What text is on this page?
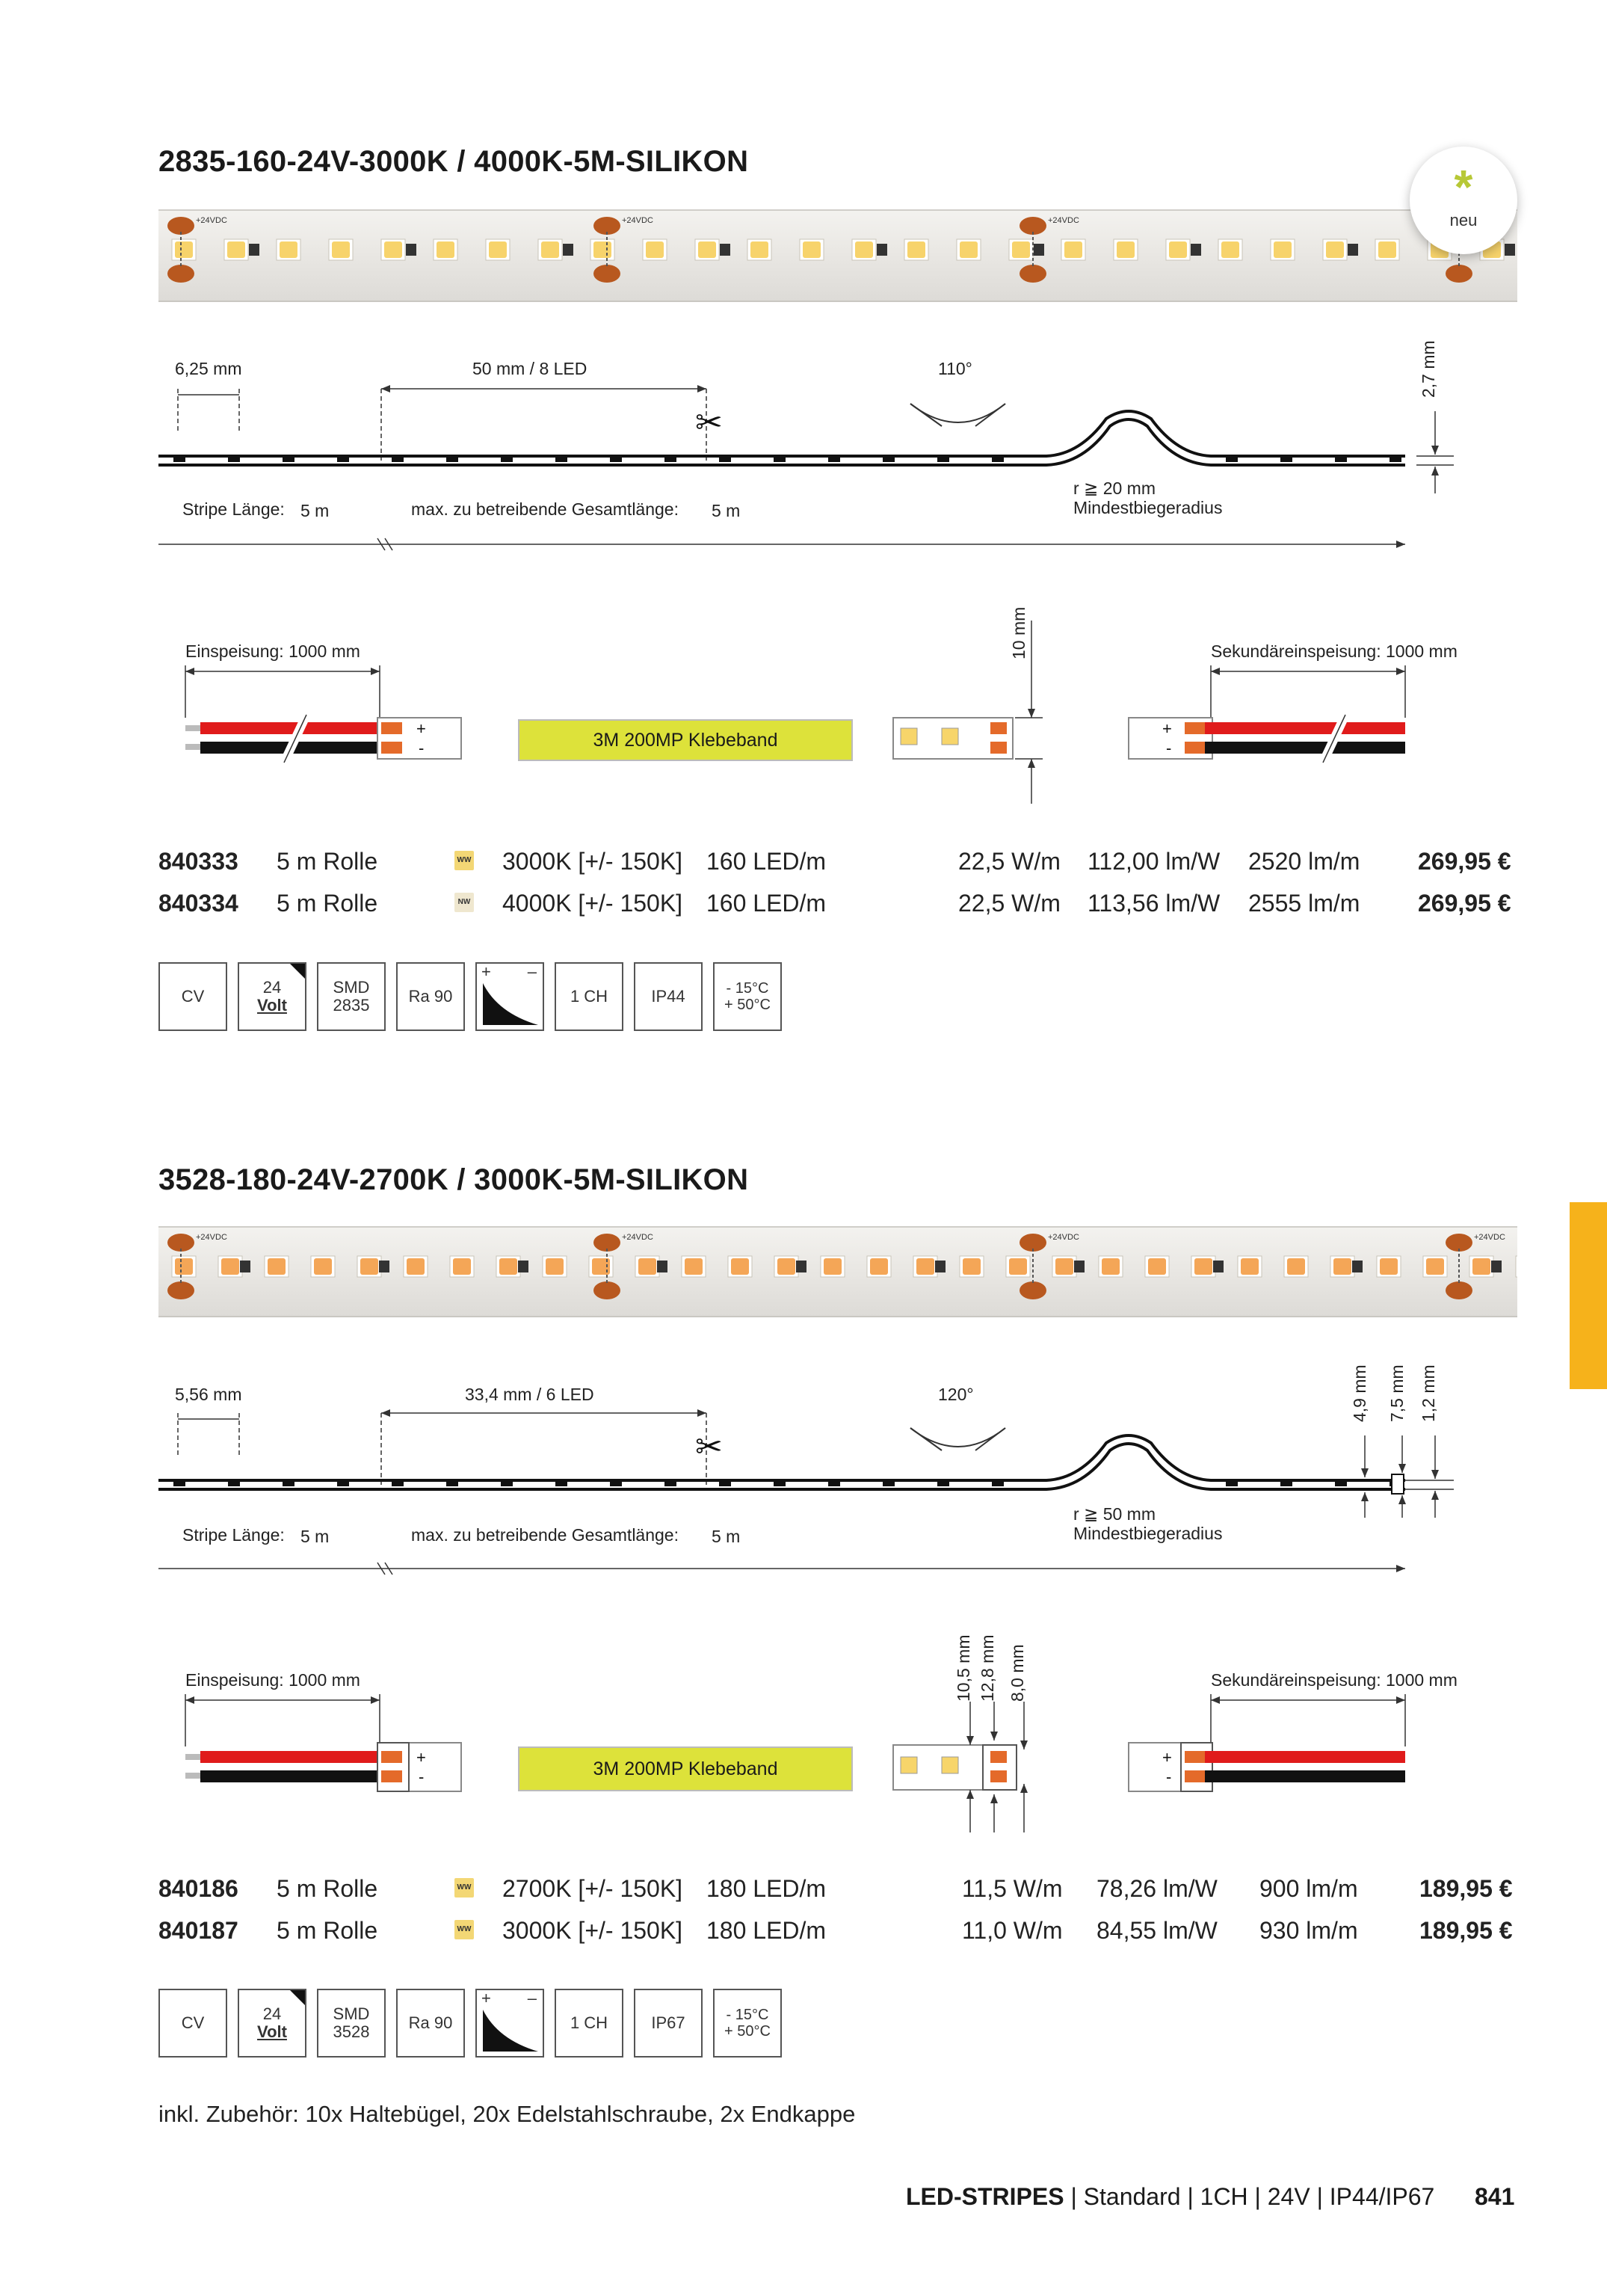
2835-160-24V-3000K / 4000K-5M-SILIKON
+24VDC	+24VDC	+24VDC
*
neu
✂
6,25 mm	50 mm / 8 LED	110°	2,7 mm
r ≧ 20 mm
Mindestbiegeradius
Stripe Länge: 5 m	max. zu betreibende Gesamtlänge: 5 m
+
-
+
-
Einspeisung: 1000 mm	Sekundäreinspeisung: 1000 mm
3M 200MP Klebeband
10 mm
840333 5 m Rolle	WW 3000K [+/- 150K] 160 LED/m	22,5 W/m 112,00 lm/W 2520 lm/m 269,95 €
840334 5 m Rolle	NW 4000K [+/- 150K] 160 LED/m	22,5 W/m 113,56 lm/W 2555 lm/m 269,95 €
CV	24
Volt
SMD
2835	Ra 90
+ –
1 CH	IP44	- 15°C
+ 50°C
3528-180-24V-2700K / 3000K-5M-SILIKON
+24VDC	+24VDC	+24VDC	+24VDC
✂
5,56 mm	33,4 mm / 6 LED	120°	4,9 mm 7,5 mm 1,2 mm
r ≧ 50 mm
Mindestbiegeradius
Stripe Länge: 5 m	max. zu betreibende Gesamtlänge: 5 m
+
-
+
-
Einspeisung: 1000 mm	Sekundäreinspeisung: 1000 mm
3M 200MP Klebeband
10,5 mm 12,8 mm 8,0 mm
840186 5 m Rolle	WW 2700K [+/- 150K] 180 LED/m	11,5 W/m 78,26 lm/W 900 lm/m	189,95 €
840187 5 m Rolle	WW 3000K [+/- 150K] 180 LED/m	11,0 W/m 84,55 lm/W 930 lm/m	189,95 €
CV	24
Volt
SMD
3528	Ra 90
+ –
1 CH	IP67	- 15°C
+ 50°C
inkl. Zubehör: 10x Haltebügel, 20x Edelstahlschraube, 2x Endkappe
LED-STRIPES | Standard | 1CH | 24V | IP44/IP67 841
